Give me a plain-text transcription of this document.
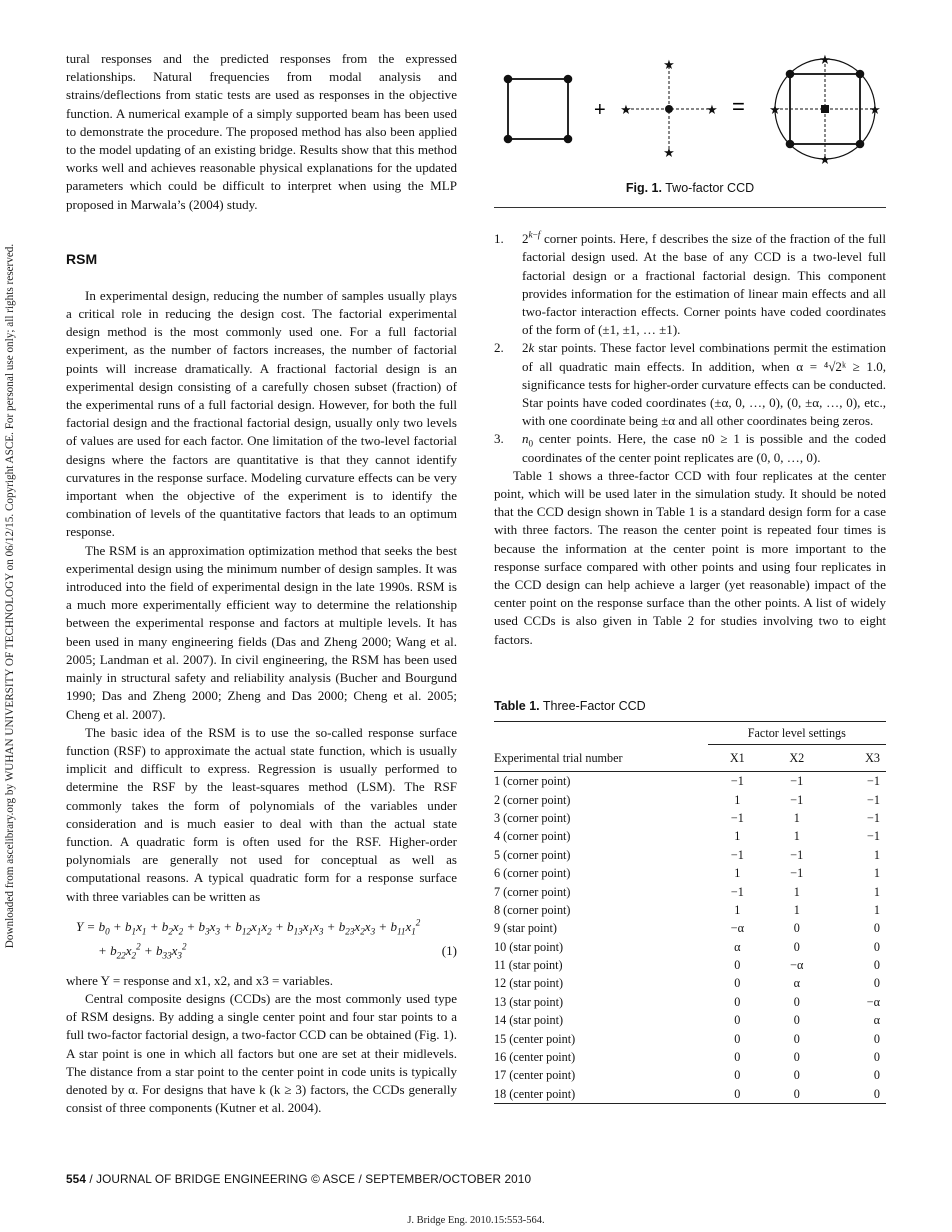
Downloaded from ascelibrary.org by WUHAN UNIVERSITY OF TECHNOLOGY on 06/12/15. Copyright ASCE. For personal use only; all rights reserved.

tural responses and the predicted responses from the expressed relationships. Natural frequencies from modal analysis and strains/deflections from static tests are used as responses in the objective function. A numerical example of a simply supported beam has been used to demonstrate the procedure. The proposed method has also been applied to the model updating of an existing bridge. Results show that this method works well and achieves reasonable physical explanations for the updated parameters which could be difficult to interpret when using the MLP proposed in Marwala’s (2004) study.

RSM

In experimental design, reducing the number of samples usually plays a critical role in reducing the design cost. The factorial experimental design method is the most commonly used one. For a full factorial experiment, as the number of factors increases, the number of factorial points will increase dramatically. A fractional factorial design is an experimental design consisting of a carefully chosen subset (fraction) of the experimental runs of a full factorial design. However, for both the full factorial design and the fractional factorial design, usually only two levels of values are used for each factor. One limitation of the two-level factorial designs where the factors are quantitative is that they cannot identify curvatures in the response surface. Modeling curvature effects can be very important when the objective of the experiment is to identify the combination of levels of the quantitative factors that leads to an optimum response.

The RSM is an approximation optimization method that seeks the best experimental design using the minimum number of design samples. It was introduced into the field of experimental design in the late 1990s. RSM is a much more experimentally efficient way to determine the relationship between the experimental response and factors at multiple levels. It has been used in many engineering fields (Das and Zheng 2000; Wang et al. 2005; Landman et al. 2007). In civil engineering, the RSM has been used mainly in structural safety and reliability analysis (Bucher and Bourgund 1990; Das and Zheng 2000; Zheng and Das 2000; Cheng et al. 2005; Cheng et al. 2007).

The basic idea of the RSM is to use the so-called response surface function (RSF) to approximate the actual state function, which is usually implicit and difficult to express. Regression is usually performed to determine the RSF by the least-squares method (LSM). The RSF commonly takes the form of polynomials of the variables under consideration and is much easier to deal with than the actual state function. A quadratic form is often used for the RSF. Higher-order polynomials are generally not used for conceptual as well as computational reasons. A typical quadratic form for a response surface with three variables can be written as

$Y = b_0 + b_1x_1 + b_2x_2 + b_3x_3 + b_{12}x_1x_2 + b_{13}x_1x_3 + b_{23}x_2x_3 + b_{11}x_1^2$
+ $b_{22}x_2^2 + b_{33}x_3^2$	(1)

where Y = response and x1, x2, and x3 = variables.

Central composite designs (CCDs) are the most commonly used type of RSM designs. By adding a single center point and four star points to a full two-factor factorial design, a two-factor CCD can be obtained (Fig. 1). A star point is one in which all factors but one are set at their midlevels. The distance from a star point to the center point in code units is typically denoted by α. For designs that have k (k ≥ 3) factors, the CCDs generally consist of three components (Kutner et al. 2004).

+ ★	★
★
★
= ★	★
★
★
Fig. 1. Two-factor CCD
1. $2^{k-f}$ corner points. Here, f describes the size of the fraction of the full factorial design used. At the base of any CCD is a two-level full factorial design or a fractional factorial design. This component provides information for the estimation of linear main effects and all two-factor interaction effects. Corner points have coded coordinates of the form of (±1, ±1, … ±1).
2. 2k star points. These factor level combinations permit the estimation of all quadratic main effects. In addition, when α = ⁴√2ᵏ ≥ 1.0, significance tests for higher-order curvature effects can be conducted. Star points have coded coordinates (±α, 0, …, 0), (0, ±α, …, 0), etc., with one coordinate being ±α and all other coordinates being zeros.
3. $n_0$ center points. Here, the case n0 ≥ 1 is possible and the coded coordinates of the center point replicates are (0, 0, …, 0).

Table 1 shows a three-factor CCD with four replicates at the center point, which will be used later in the simulation study. It should be noted that the CCD design shown in Table 1 is a standard design form for a case with three factors. The reason the center point is repeated four times is because the information at the center point is more important to the response surface compared with other points and using four replicates in the CCD design can help achieve a larger (yet reasonable) impact of the center point on the response surface than the other points. A list of widely used CCDs is also given in Table 2 for studies involving two to eight factors.

Table 1. Three-Factor CCD
	Factor level settings			
Experimental trial number	X1	X2		X3
1 (corner point)	−1	−1		−1
2 (corner point)	1	−1		−1
3 (corner point)	−1	1		−1
4 (corner point)	1	1		−1
5 (corner point)	−1	−1		1
6 (corner point)	1	−1		1
7 (corner point)	−1	1		1
8 (corner point)	1	1		1
9 (star point)	−α	0		0
10 (star point)	α	0		0
11 (star point)	0	−α		0
12 (star point)	0	α		0
13 (star point)	0	0		−α
14 (star point)	0	0		α
15 (center point)	0	0		0
16 (center point)	0	0		0
17 (center point)	0	0		0
18 (center point)	0	0		0
554 / JOURNAL OF BRIDGE ENGINEERING © ASCE / SEPTEMBER/OCTOBER 2010
J. Bridge Eng. 2010.15:553-564.
